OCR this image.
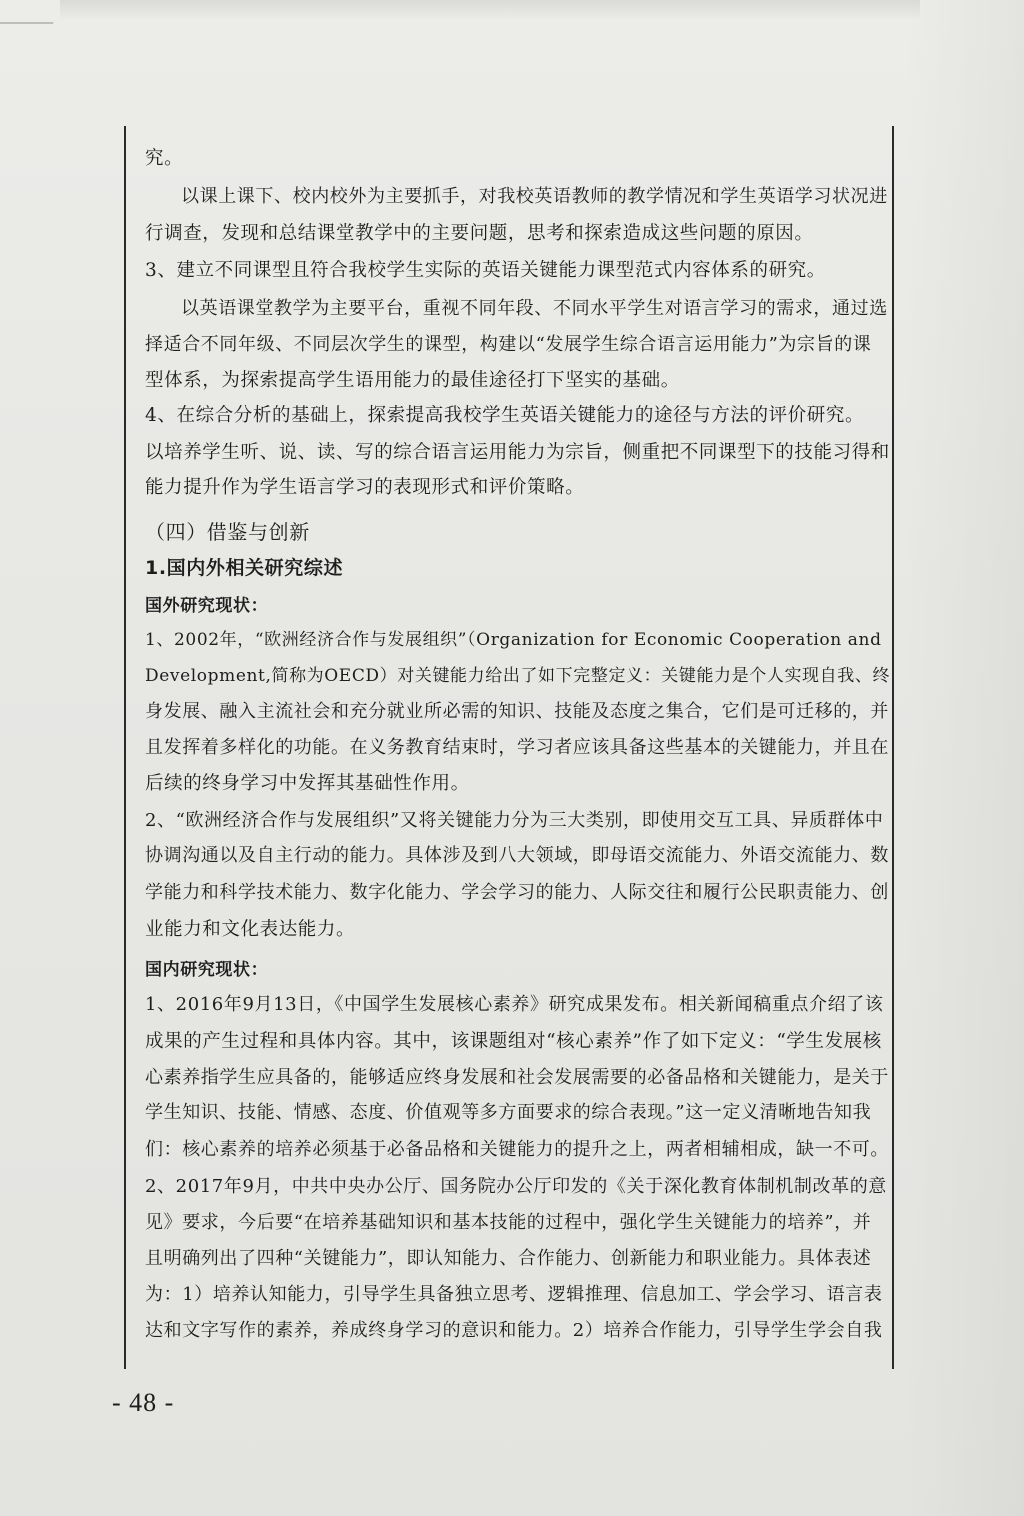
究。
以课上课下、校内校外为主要抓手，对我校英语教师的教学情况和学生英语学习状况进
行调查，发现和总结课堂教学中的主要问题，思考和探索造成这些问题的原因。
3、建立不同课型且符合我校学生实际的英语关键能力课型范式内容体系的研究。
以英语课堂教学为主要平台，重视不同年段、不同水平学生对语言学习的需求，通过选
择适合不同年级、不同层次学生的课型，构建以“发展学生综合语言运用能力”为宗旨的课
型体系，为探索提高学生语用能力的最佳途径打下坚实的基础。
4、在综合分析的基础上，探索提高我校学生英语关键能力的途径与方法的评价研究。
以培养学生听、说、读、写的综合语言运用能力为宗旨，侧重把不同课型下的技能习得和
能力提升作为学生语言学习的表现形式和评价策略。
（四）借鉴与创新
1.国内外相关研究综述
国外研究现状：
1、2002年，“欧洲经济合作与发展组织”（Organization for Economic Cooperation and
Development,简称为OECD）对关键能力给出了如下完整定义：关键能力是个人实现自我、终
身发展、融入主流社会和充分就业所必需的知识、技能及态度之集合，它们是可迁移的，并
且发挥着多样化的功能。在义务教育结束时，学习者应该具备这些基本的关键能力，并且在
后续的终身学习中发挥其基础性作用。
2、“欧洲经济合作与发展组织”又将关键能力分为三大类别，即使用交互工具、异质群体中
协调沟通以及自主行动的能力。具体涉及到八大领域，即母语交流能力、外语交流能力、数
学能力和科学技术能力、数字化能力、学会学习的能力、人际交往和履行公民职责能力、创
业能力和文化表达能力。
国内研究现状：
1、2016年9月13日，《中国学生发展核心素养》研究成果发布。相关新闻稿重点介绍了该
成果的产生过程和具体内容。其中，该课题组对“核心素养”作了如下定义：“学生发展核
心素养指学生应具备的，能够适应终身发展和社会发展需要的必备品格和关键能力，是关于
学生知识、技能、情感、态度、价值观等多方面要求的综合表现。”这一定义清晰地告知我
们：核心素养的培养必须基于必备品格和关键能力的提升之上，两者相辅相成，缺一不可。
2、2017年9月，中共中央办公厅、国务院办公厅印发的《关于深化教育体制机制改革的意
见》要求，今后要“在培养基础知识和基本技能的过程中，强化学生关键能力的培养”，并
且明确列出了四种“关键能力”，即认知能力、合作能力、创新能力和职业能力。具体表述
为：1）培养认知能力，引导学生具备独立思考、逻辑推理、信息加工、学会学习、语言表
达和文字写作的素养，养成终身学习的意识和能力。2）培养合作能力，引导学生学会自我
- 48 -
